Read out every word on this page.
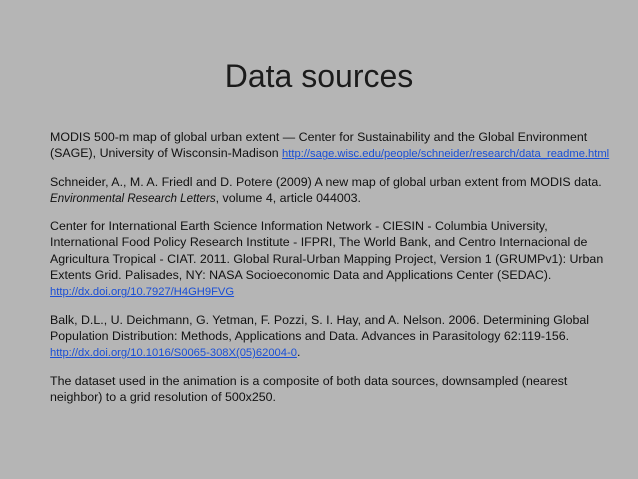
Data sources

MODIS 500-m map of global urban extent — Center for Sustainability and the Global Environment (SAGE), University of Wisconsin-Madison http://sage.wisc.edu/people/schneider/research/data_readme.html

Schneider, A., M. A. Friedl and D. Potere (2009) A new map of global urban extent from MODIS data. Environmental Research Letters, volume 4, article 044003.

Center for International Earth Science Information Network - CIESIN - Columbia University, International Food Policy Research Institute - IFPRI, The World Bank, and Centro Internacional de Agricultura Tropical - CIAT. 2011. Global Rural-Urban Mapping Project, Version 1 (GRUMPv1): Urban Extents Grid. Palisades, NY: NASA Socioeconomic Data and Applications Center (SEDAC). http://dx.doi.org/10.7927/H4GH9FVG

Balk, D.L., U. Deichmann, G. Yetman, F. Pozzi, S. I. Hay, and A. Nelson. 2006. Determining Global Population Distribution: Methods, Applications and Data. Advances in Parasitology 62:119-156. http://dx.doi.org/10.1016/S0065-308X(05)62004-0.

The dataset used in the animation is a composite of both data sources, downsampled (nearest neighbor) to a grid resolution of 500x250.
